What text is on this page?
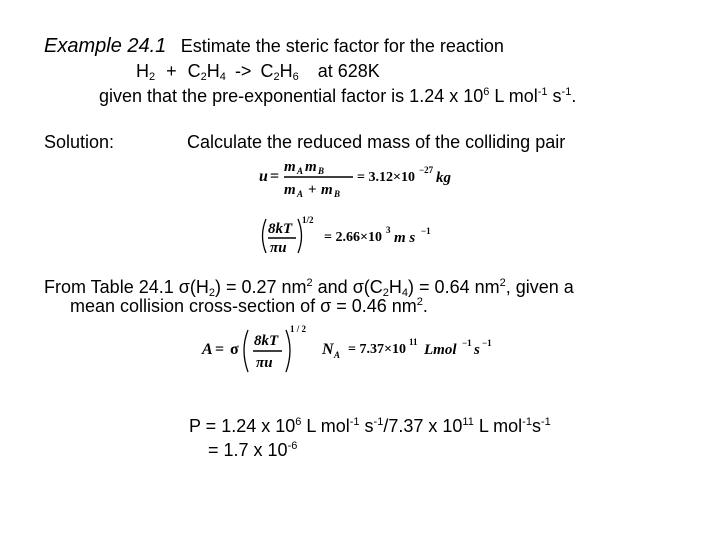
Example 24.1 Estimate the steric factor for the reaction
$H_2 + C_2H_4 -> C_2H_6$ at 628K
given that the pre-exponential factor is 1.24 x $10^6$ L mol$^{-1}$ $s^{-1}$.
Solution:	Calculate the reduced mass of the colliding pair
u =
m A m B
m A + m B
= 3.12×10 −27 kg
8kT
πu
1/2
= 2.66×10 3 m s −1
From Table 24.1 $\sigma(H_2) = 0.27$ $nm^2$ and $\sigma(C_2H_4) = 0.64$ $nm^2$, given a
mean collision cross-section of σ = 0.46 $nm^2$.
A = σ 8kT
πu
1 / 2
N A = 7.37×10 11 Lmol −1 s −1
P = 1.24 x $10^6$ L mol$^{-1}$ $s^{-1}/7.37$ x $10^{11}$ L $mol^{-1}s^{-1}$
= 1.7 x $10^{-6}$
